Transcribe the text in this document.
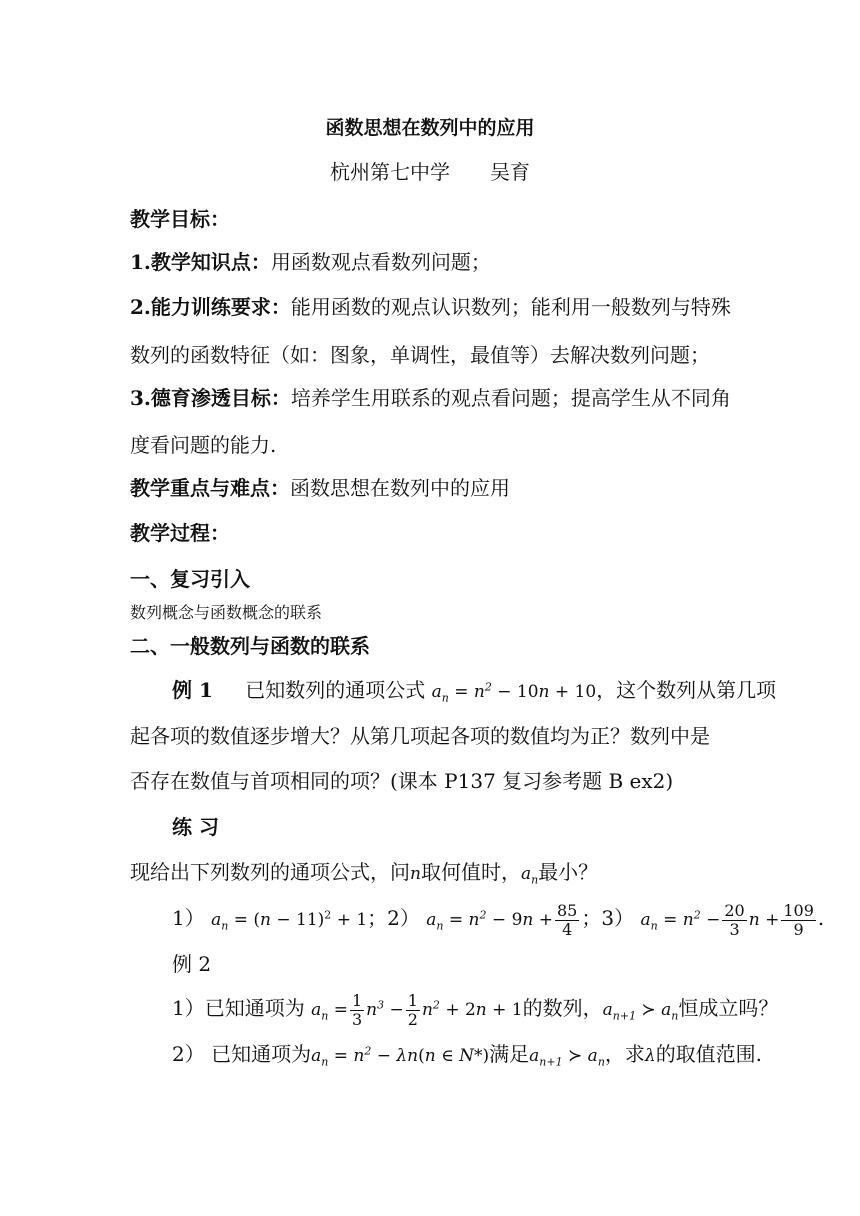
函数思想在数列中的应用
杭州第七中学　　吴育
教学目标：
1.教学知识点：用函数观点看数列问题；
2.能力训练要求：能用函数的观点认识数列；能利用一般数列与特殊
数列的函数特征（如：图象，单调性，最值等）去解决数列问题；
3.德育渗透目标：培养学生用联系的观点看问题；提高学生从不同角
度看问题的能力.
教学重点与难点：函数思想在数列中的应用
教学过程：
一、复习引入
数列概念与函数概念的联系
二、一般数列与函数的联系
例 1 已知数列的通项公式 $a_n = n^2 - 10n + 10$，这个数列从第几项
起各项的数值逐步增大？从第几项起各项的数值均为正？数列中是
否存在数值与首项相同的项？(课本 P137 复习参考题 B ex2)
练 习
现给出下列数列的通项公式，问n取何值时，$a_n$最小？
1） $a_n = (n - 11)^2 + 1$；2） $a_n = n^2 - 9n + \frac{85}{4}$ ；3） $a_n = n^2 - \frac{20}{3}$ $n + \frac{109}{9}$ .
例 2
1）已知通项为 $a_n = \frac{1}{3} n^3 - \frac{1}{2} n^2 + 2n + 1$的数列，$a_{n+1}$ ≻ $a_n$恒成立吗？
2） 已知通项为$a_n = n^2 - \lambda n(n$ ∈ N*)满足$a_{n+1}$ ≻ $a_n$，求λ的取值范围.
